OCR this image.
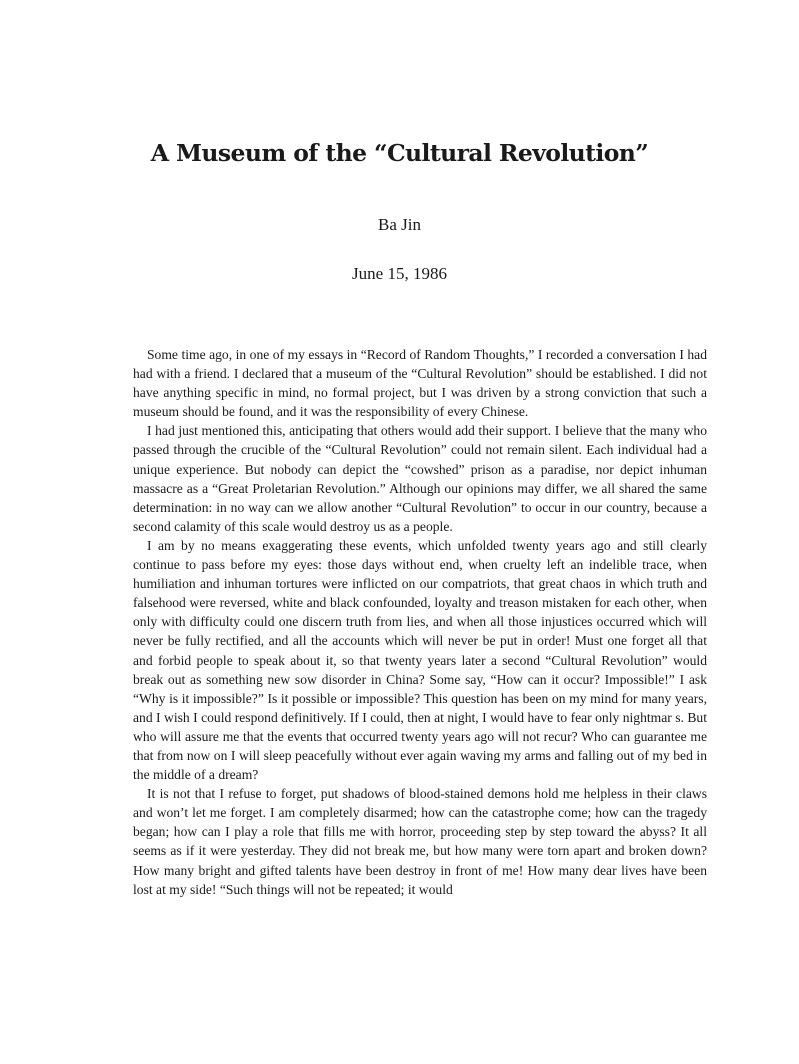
A Museum of the “Cultural Revolution”
Ba Jin
June 15, 1986

Some time ago, in one of my essays in “Record of Random Thoughts,” I recorded a conversation I had had with a friend. I declared that a museum of the “Cultural Revolution” should be established. I did not have anything specific in mind, no formal project, but I was driven by a strong conviction that such a museum should be found, and it was the responsibility of every Chinese.

I had just mentioned this, anticipating that others would add their support. I believe that the many who passed through the crucible of the “Cultural Revolution” could not remain silent. Each individual had a unique experience. But nobody can depict the “cowshed” prison as a paradise, nor depict inhuman massacre as a “Great Proletarian Revolution.” Although our opinions may differ, we all shared the same determination: in no way can we allow another “Cultural Revolution” to occur in our country, because a second calamity of this scale would destroy us as a people.

I am by no means exaggerating these events, which unfolded twenty years ago and still clearly continue to pass before my eyes: those days without end, when cruelty left an indelible trace, when humiliation and inhuman tortures were inflicted on our compatriots, that great chaos in which truth and falsehood were reversed, white and black confounded, loyalty and treason mistaken for each other, when only with difficulty could one discern truth from lies, and when all those injustices occurred which will never be fully rectified, and all the accounts which will never be put in order! Must one forget all that and forbid people to speak about it, so that twenty years later a second “Cultural Revolution” would break out as something new sow disorder in China? Some say, “How can it occur? Impossible!” I ask “Why is it impossible?” Is it possible or impossible? This question has been on my mind for many years, and I wish I could respond definitively. If I could, then at night, I would have to fear only nightmar s. But who will assure me that the events that occurred twenty years ago will not recur? Who can guarantee me that from now on I will sleep peacefully without ever again waving my arms and falling out of my bed in the middle of a dream?

It is not that I refuse to forget, put shadows of blood-stained demons hold me helpless in their claws and won’t let me forget. I am completely disarmed; how can the catastrophe come; how can the tragedy began; how can I play a role that fills me with horror, proceeding step by step toward the abyss? It all seems as if it were yesterday. They did not break me, but how many were torn apart and broken down? How many bright and gifted talents have been destroy in front of me! How many dear lives have been lost at my side! “Such things will not be repeated; it would
